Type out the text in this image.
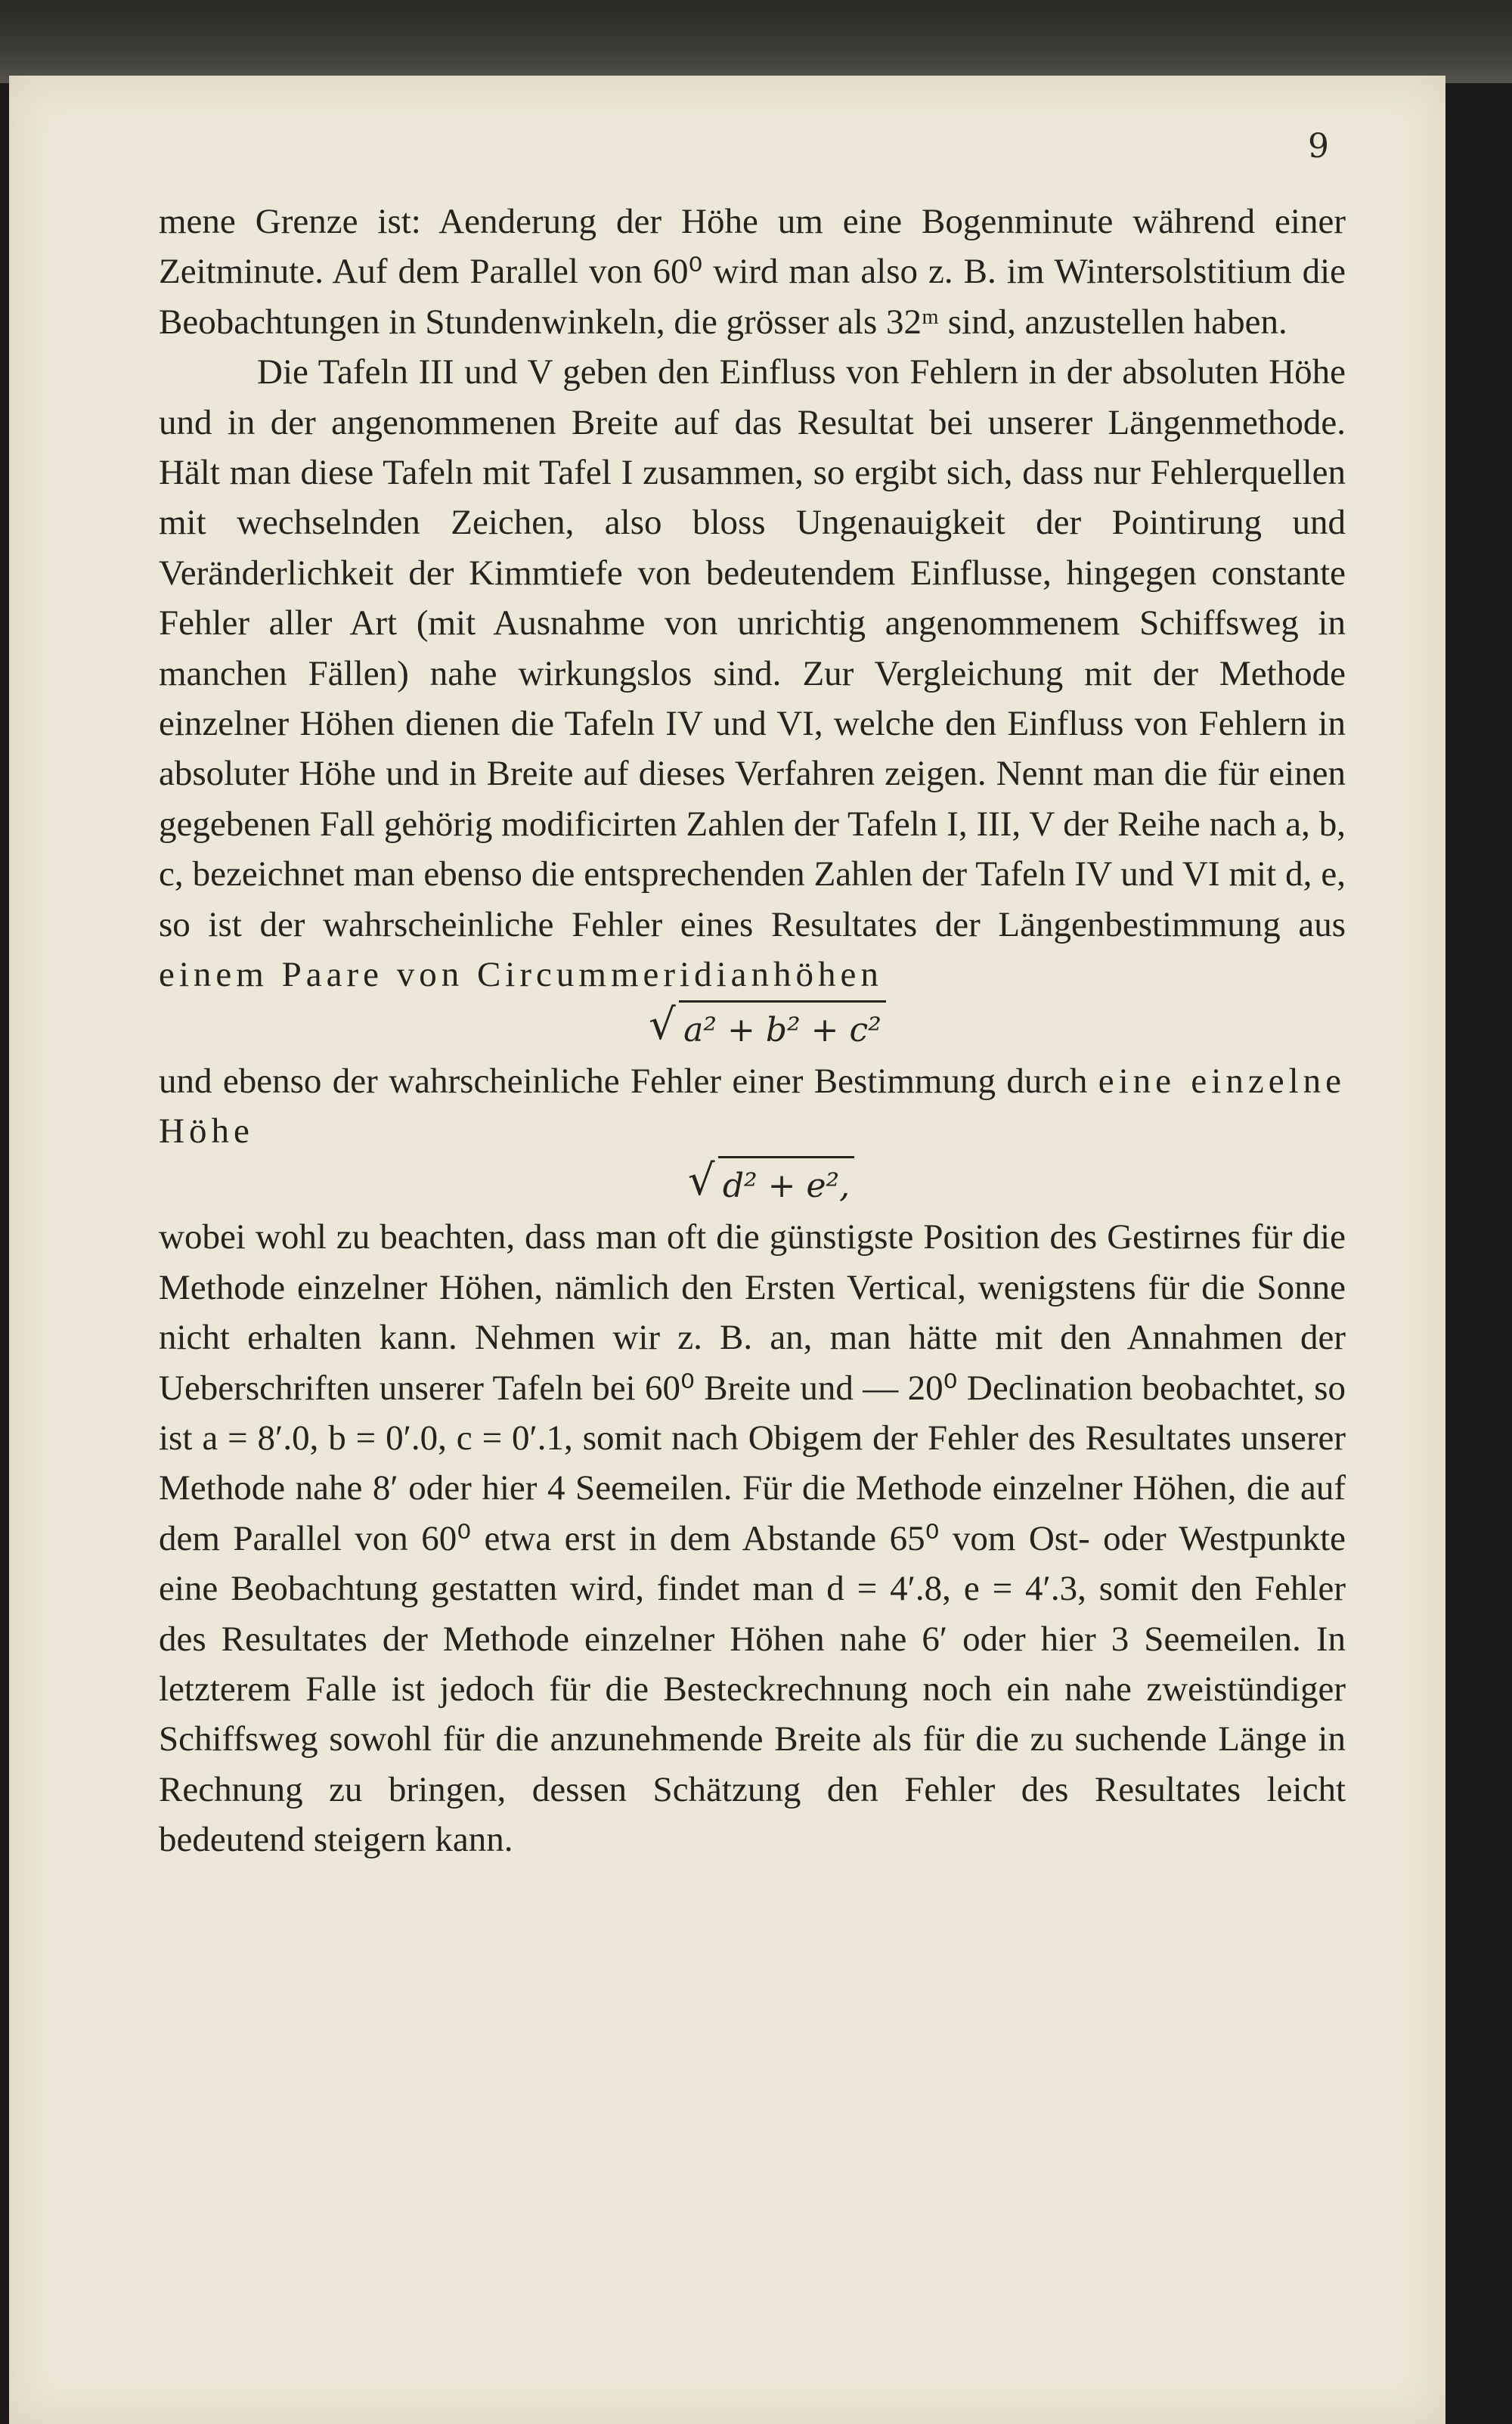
9

mene Grenze ist: Aenderung der Höhe um eine Bogenminute während einer Zeitminute. Auf dem Parallel von 60⁰ wird man also z. B. im Wintersolstitium die Beobachtungen in Stundenwinkeln, die grösser als 32ᵐ sind, anzustellen haben.

Die Tafeln III und V geben den Einfluss von Fehlern in der absoluten Höhe und in der angenommenen Breite auf das Resultat bei unserer Längenmethode. Hält man diese Tafeln mit Tafel I zusammen, so ergibt sich, dass nur Fehlerquellen mit wechselnden Zeichen, also bloss Ungenauigkeit der Pointirung und Veränderlichkeit der Kimmtiefe von bedeutendem Einflusse, hingegen constante Fehler aller Art (mit Ausnahme von unrichtig angenommenem Schiffsweg in manchen Fällen) nahe wirkungslos sind. Zur Vergleichung mit der Methode einzelner Höhen dienen die Tafeln IV und VI, welche den Einfluss von Fehlern in absoluter Höhe und in Breite auf dieses Verfahren zeigen. Nennt man die für einen gegebenen Fall gehörig modificirten Zahlen der Tafeln I, III, V der Reihe nach a, b, c, bezeichnet man ebenso die entsprechenden Zahlen der Tafeln IV und VI mit d, e, so ist der wahrscheinliche Fehler eines Resultates der Längenbestimmung aus einem Paare von Circummeridianhöhen

√ a² + b² + c²

und ebenso der wahrscheinliche Fehler einer Bestimmung durch eine einzelne Höhe

√ d² + e²,

wobei wohl zu beachten, dass man oft die günstigste Position des Gestirnes für die Methode einzelner Höhen, nämlich den Ersten Vertical, wenigstens für die Sonne nicht erhalten kann. Nehmen wir z. B. an, man hätte mit den Annahmen der Ueberschriften unserer Tafeln bei 60⁰ Breite und — 20⁰ Declination beobachtet, so ist a = 8′.0, b = 0′.0, c = 0′.1, somit nach Obigem der Fehler des Resultates unserer Methode nahe 8′ oder hier 4 Seemeilen. Für die Methode einzelner Höhen, die auf dem Parallel von 60⁰ etwa erst in dem Abstande 65⁰ vom Ost- oder Westpunkte eine Beobachtung gestatten wird, findet man d = 4′.8, e = 4′.3, somit den Fehler des Resultates der Methode einzelner Höhen nahe 6′ oder hier 3 Seemeilen. In letzterem Falle ist jedoch für die Besteckrechnung noch ein nahe zweistündiger Schiffsweg sowohl für die anzunehmende Breite als für die zu suchende Länge in Rechnung zu bringen, dessen Schätzung den Fehler des Resultates leicht bedeutend steigern kann.
